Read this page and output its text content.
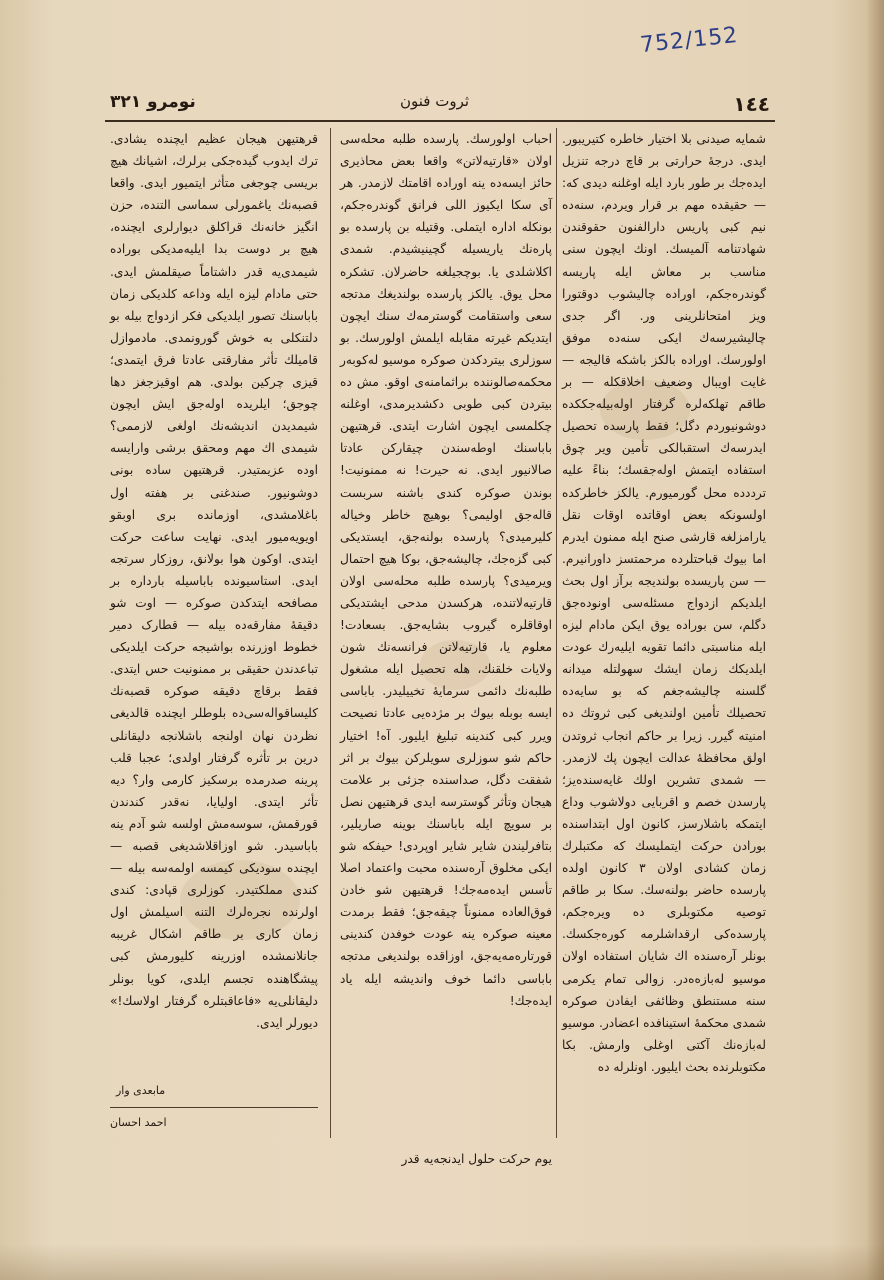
752/152
نومرو ٣٢١	ثروت فنون	١٤٤

شمایه صیدنی بلا اختیار خاطره کتیریبور. ایدی. درجهٔ حرارتی بر قاچ درجه تنزیل ایده‌جك بر طور بارد ایله اوغلنه دیدی که: — حقیقده مهم بر قرار ویردم، سنه‌ده نیم کبی پاریس دارالفنون حقوقندن شهادتنامه آلمیسك. اونك ایچون سنی مناسب بر معاش ایله پاریسه گوندره‌جکم، اوراده چالیشوب دوقتورا ویز امتحانلرینی ور. اگر جدی چالیشیرسه‌ك ایکی سنه‌ده موفق اولورسك. اوراده بالکز باشکه قالیجه — غایت اویبال وضعیف اخلاقکله — بر طاقم تهلکه‌لره گرفتار اوله‌بیله‌جککده دوشونیوردم دگل؛ فقط پارسده تحصیل ایدرسه‌ك استقبالکی تأمین ویر چوق استفاده ایتمش اوله‌جقسك؛ بناءً علیه ترددده محل گورمیورم. یالکز خاطرکده اولسونکه بعض اوقاتده اوقات نقل یارامزلغه قارشی صنح ایله ممنون ایدرم اما بیوك قباحتلرده مرحمتسز داورانیرم. — سن پاریسده بولندیجه برآز اول بحث ایلدیکم ازدواج مسئله‌سی اونوده‌جق دگلم، سن بوراده یوق ایکن مادام لیزه ایله مناسبتی دائما تقویه ایلیه‌رك عودت ایلدیکك زمان ایشك سهولتله میدانه گلسنه چالیشه‌جغم که بو سایه‌ده تحصیلك تأمین اولندیغی کبی ثروتك ده امنیته گیرر. زیرا بر حاکم انجاب ثروتدن اولق محافظهٔ عدالت ایچون پك لازمدر. — شمدی تشرین اولك غایه‌سنده‌یز؛ پارسدن خصم و اقربایی دولاشوب وداع ایتمکه باشلارسز، کانون اول ابتداسنده بورادن حرکت ایتملیسك که مکتبلرك زمان کشادی اولان ۳ کانون اولده پارسده حاضر بولنه‌سك. سکا بر طاقم توصیه مکتوبلری ده ویره‌جکم، پارسده‌کی ارقداشلرمه کوره‌جکسك. بونلر آره‌سنده اك شایان استفاده اولان موسیو له‌بازه‌ه‌در. زوالی تمام یکرمی سنه مستنطق وظائفی ایفادن صوکره شمدی محکمهٔ استینافده اعضادر. موسیو له‌بازه‌نك آکتی اوغلی وارمش. بکا مکتوبلرنده بحث ایلیور. اونلرله ده

احباب اولورسك. پارسده طلبه محله‌سی اولان «قارتیه‌لاتن» واقعا بعض محاذیری حائز ایسه‌ده ینه اوراده اقامتك لازمدر. هر آی سکا ایکیوز اللی فرانق گوندره‌جکم، بونکله اداره ایتملی. وقتیله بن پارسده بو پاره‌نك یاریسیله گچینیشیدم. شمدی اکلاشلدی یا. بوچجیلغه حاضرلان. تشکره محل یوق. یالکز پارسده بولندیغك مدتجه سعی واستقامت گوسترمه‌ك سنك ایچون ایتدیکم غیرته مقابله ایلمش اولورسك. بو سوزلری بیتردکدن صوکره موسیو له‌کوبه‌ر محکمه‌صالوننده براثمامنه‌ی اوقو. مش ده بیتردن کبی طوبی دکشدیرمدی، اوغلنه چکلمسی ایچون اشارت ایتدی. قرهتیهن باباسنك اوطه‌سندن چیقارکن عادتا صالانیور ایدی. نه حیرت! نه ممنونیت! بوندن صوکره کندی باشنه سربست قاله‌جق اولیمی؟ بوهیچ خاطر وخیاله کلیرمیدی؟ پارسده بولنه‌جق، ایستدیکی کبی گزه‌جك، چالیشه‌جق، بوکا هیچ احتمال ویرمیدی؟ پارسده طلبه محله‌سی اولان قارتیه‌لاتنده، هرکسدن مدحی ایشتدیکی اوقاقلره گیروب بشایه‌جق. بسعادت! معلوم یا، قارتیه‌لاتن فرانسه‌نك شون ولایات خلقنك، هله تحصیل ایله مشغول طلبه‌نك دائمی سرمایهٔ تخییلیدر. باباسی ایسه بوبله بیوك بر مژده‌یی عادتا نصیحت ویرر کبی کندینه تبلیغ ایلیور. آه! اختیار حاکم شو سوزلری سویلرکن بیوك بر اثر شفقت دگل، صداسنده جزئی بر علامت هیجان وتأثر گوسترسه ایدی قرهتیهن نصل بر سویچ ایله باباسنك بوینه صاریلیر، بتافرلیندن شایر شایر اوپردی! حیفکه شو ایکی مخلوق آره‌سنده محبت واعتماد اصلا تأسس ایده‌مه‌جك! قرهتیهن شو خادن فوق‌العاده ممنوناً چیقه‌جق؛ فقط برمدت معینه صوکره ینه عودت خوفدن کندینی قورتاره‌مه‌یه‌جق، اوزاقده بولندیغی مدتجه باباسی دائما خوف واندیشه ایله یاد ایده‌جك!

یوم حرکت حلول ایدنجه‌یه قدر

قرهتیهن هیجان عظیم ایچنده یشادی. ترك ایدوب گیده‌جکی برلرك، اشیانك هیچ بریسی چوجغی متأثر ایتمیور ایدی. واقعا قصبه‌نك یاغمورلی سماسی التنده، حزن انگیز خانه‌نك قراکلق دیوارلری ایچنده، هیچ بر دوست بدا ایلیه‌مدیکی بوراده شیمدی‌یه قدر داشتاماً صیقلمش ایدی. حتی مادام لیزه ایله وداعه کلدیکی زمان باباسنك تصور ایلدیکی فکر ازدواج بیله بو دلتنکلی به خوش گورونمدی. مادموازل قامیلك تأثر مفارقتی عادتا فرق ایتمدی؛ قیزی چرکین بولدی. هم اوقیزجغز دها چوجق؛ ایلریده اوله‌جق ایش ایچون شیمدیدن اندیشه‌نك اولغی لازممی؟ شیمدی اك مهم ومحقق برشی وارایسه اوده عزیمتیدر. قرهتیهن ساده بونی دوشونیور. صندغنی بر هفته اول باغلامشدی، اوزمانده بری اوبقو اویویه‌میور ایدی. نهایت ساعت حرکت ایتدی. اوکون هوا بولانق، روزکار سرتجه ایدی. استاسیونده باباسیله بارداره بر مصافحه ایتدکدن صوکره — اوت شو دقیقهٔ مفارقه‌ده بیله — قطارک دمیر خطوط اوزرنده بواشیجه حرکت ایلدیکی تباعدندن حقیقی بر ممنونیت حس ایتدی. فقط برقاچ دقیقه صوکره قصبه‌نك کلیساقواله‌سی‌ده بلوطلر ایچنده قالدیغی نظردن نهان اولنجه باشلانجه دلیقانلی درین بر تأثره گرفتار اولدی؛ عجبا قلب پرینه صدرمده برسکیز کارمی وار؟ دیه تأثر ایتدی. اولیایا، نه‌قدر کندندن قورقمش، سوسه‌مش اولسه شو آدم ینه باباسیدر. شو اوزاقلاشدیغی قصبه — ایچنده سودیکی کیمسه اولمه‌سه بیله — کندی مملکتیدر. کوزلری قپادی: کندی اولرنده نجره‌لرك التنه اسیلمش اول زمان کاری بر طاقم اشکال غریبه جانلانمشده اوزرینه کلیورمش کبی پیشگاهنده تجسم ایلدی، کویا بونلر دلیقانلی‌یه «فاعاقبتلره گرفتار اولاسك!» دیورلر ایدی.

مابعدی وار
احمد احسان
